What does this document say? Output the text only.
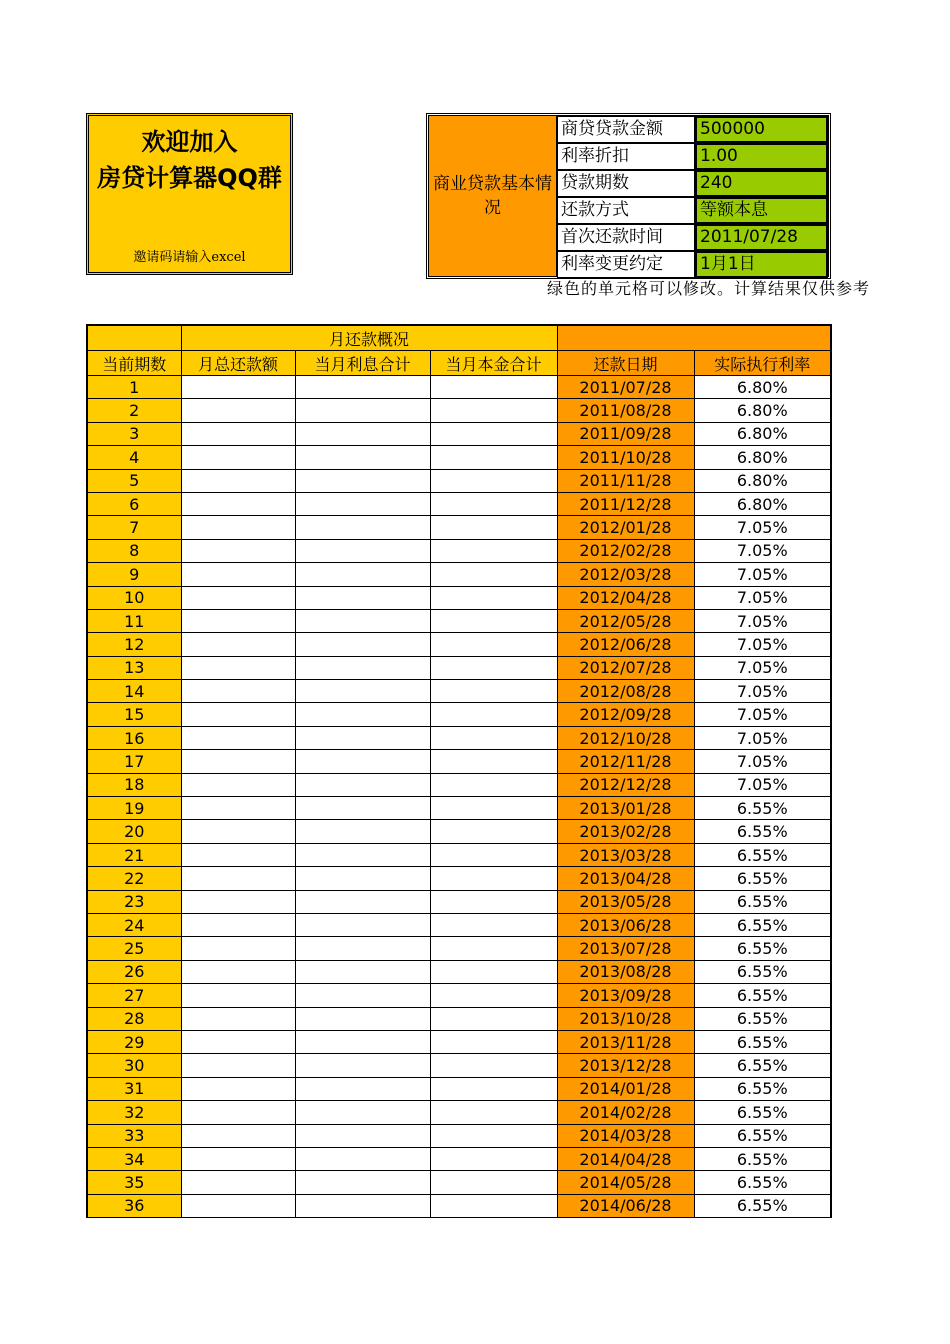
欢迎加入
房贷计算器QQ群
邀请码请输入excel
商业贷款基本情况
商贷贷款金额	500000
利率折扣	1.00
贷款期数	240
还款方式	等额本息
首次还款时间	2011/07/28
利率变更约定	1月1日
绿色的单元格可以修改。计算结果仅供参考
	月还款概况				
当前期数	月总还款额	当月利息合计	当月本金合计	还款日期	实际执行利率
1				2011/07/28	6.80%
2				2011/08/28	6.80%
3				2011/09/28	6.80%
4				2011/10/28	6.80%
5				2011/11/28	6.80%
6				2011/12/28	6.80%
7				2012/01/28	7.05%
8				2012/02/28	7.05%
9				2012/03/28	7.05%
10				2012/04/28	7.05%
11				2012/05/28	7.05%
12				2012/06/28	7.05%
13				2012/07/28	7.05%
14				2012/08/28	7.05%
15				2012/09/28	7.05%
16				2012/10/28	7.05%
17				2012/11/28	7.05%
18				2012/12/28	7.05%
19				2013/01/28	6.55%
20				2013/02/28	6.55%
21				2013/03/28	6.55%
22				2013/04/28	6.55%
23				2013/05/28	6.55%
24				2013/06/28	6.55%
25				2013/07/28	6.55%
26				2013/08/28	6.55%
27				2013/09/28	6.55%
28				2013/10/28	6.55%
29				2013/11/28	6.55%
30				2013/12/28	6.55%
31				2014/01/28	6.55%
32				2014/02/28	6.55%
33				2014/03/28	6.55%
34				2014/04/28	6.55%
35				2014/05/28	6.55%
36				2014/06/28	6.55%
